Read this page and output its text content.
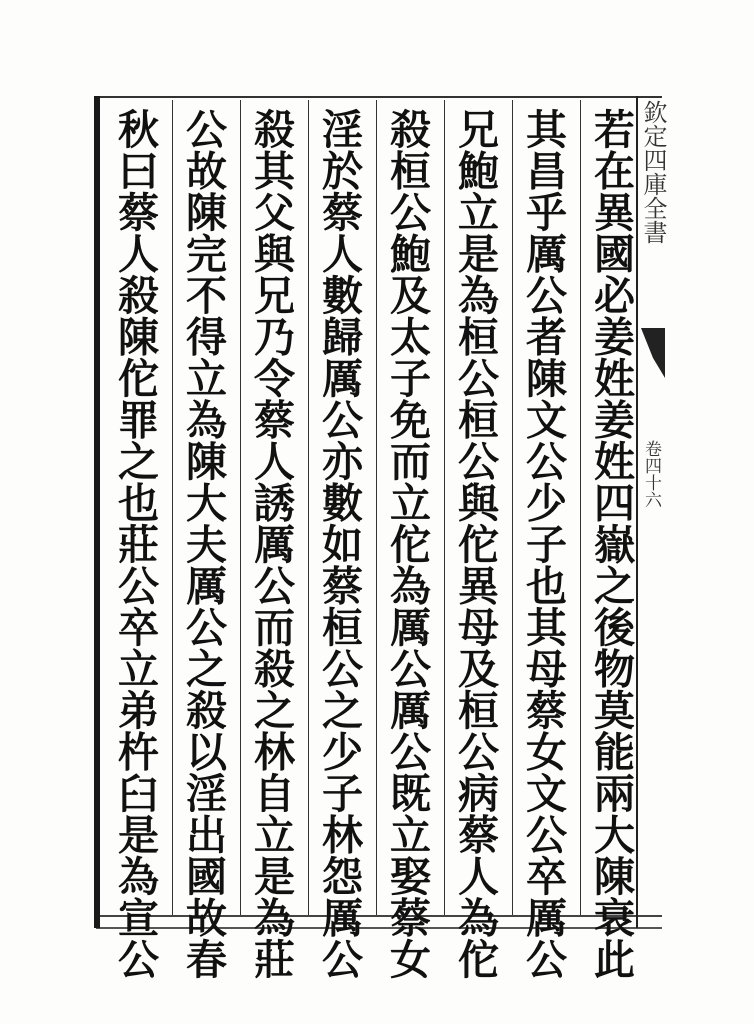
若在異國必姜姓姜姓四嶽之後物莫能兩大陳衰此
其昌乎厲公者陳文公少子也其母蔡女文公卒厲公
兄鮑立是為桓公桓公與佗異母及桓公病蔡人為佗
殺桓公鮑及太子免而立佗為厲公厲公既立娶蔡女
淫於蔡人數歸厲公亦數如蔡桓公之少子林怨厲公
殺其父與兄乃令蔡人誘厲公而殺之林自立是為莊
公故陳完不得立為陳大夫厲公之殺以淫出國故春
秋曰蔡人殺陳佗罪之也莊公卒立弟杵臼是為宣公	欽定四庫全書
卷四十六
